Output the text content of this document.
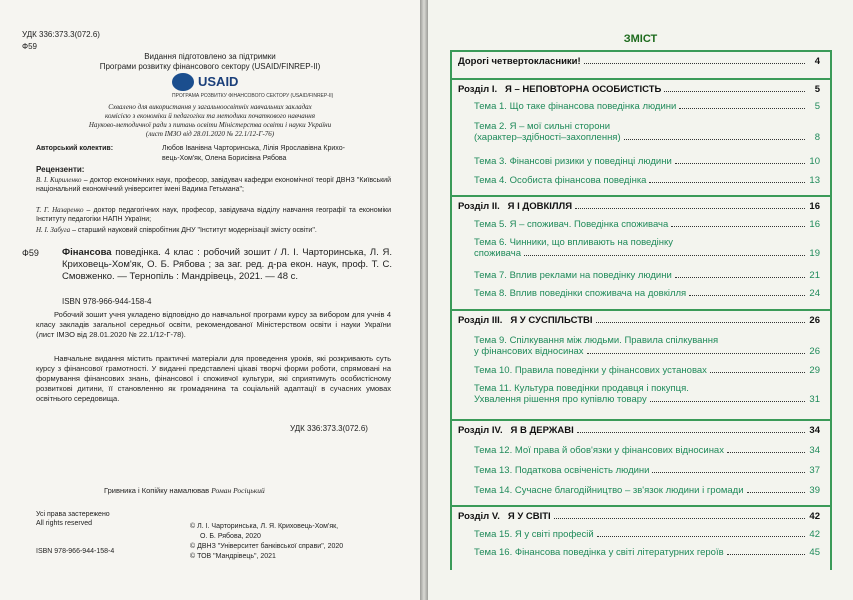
УДК 336:373.3(072.6)
Ф59
Видання підготовлено за підтримки
Програми розвитку фінансового сектору (USAID/FINREP-II)
USAID
ПРОГРАМА РОЗВИТКУ ФІНАНСОВОГО СЕКТОРУ (USAID/FINREP-II)
Схвалено для використання у загальноосвітніх навчальних закладах
комісією з економіки й педагогіки та методики початкового навчання
Науково-методичної ради з питань освіти Міністерства освіти і науки України
(лист ІМЗО від 28.01.2020 № 22.1/12-Г-76)
Авторський колектив:	Любов Іванівна Чарторинська, Лілія Ярославівна Крихо-
вець-Хом'як, Олена Борисівна Рябова
Рецензенти:
В. І. Кириленко – доктор економічних наук, професор, завідувач кафедри економічної теорії ДВНЗ "Київський національний економічний університет імені Вадима Гетьмана";
Т. Г. Назаренко – доктор педагогічних наук, професор, завідувача відділу навчання географії та економіки Інституту педагогіки НАПН України;
Н. І. Забуга – старший науковий співробітник ДНУ "Інститут модернізації змісту освіти".
Ф59 Фінансова поведінка. 4 клас : робочий зошит / Л. І. Чарторинська, Л. Я. Криховець-Хом'як, О. Б. Рябова ; за заг. ред. д-ра екон. наук, проф. Т. С. Смовженко. — Тернопіль : Мандрівець, 2021. — 48 с.
ISBN 978-966-944-158-4
Робочий зошит учня укладено відповідно до навчальної програми курсу за вибором для учнів 4 класу закладів загальної середньої освіти, рекомендованої Міністерством освіти і науки України (лист ІМЗО від 28.01.2020 № 22.1/12-Г-78).
Навчальне видання містить практичні матеріали для проведення уроків, які розкривають суть курсу з фінансової грамотності. У виданні представлені цікаві творчі форми роботи, спрямовані на формування фінансових знань, фінансової і споживчої культури, які сприятимуть особистісному розвиткові дитини, її становленню як громадянина та соціальній адаптації в сучасних умовах освітнього середовища.
УДК 336:373.3(072.6)
Гривника і Копійку намалював Роман Росіцький
Усі права застережено
All rights reserved
ISBN 978-966-944-158-4
© Л. І. Чарторинська, Л. Я. Криховець-Хом'як,
О. Б. Рябова, 2020
© ДВНЗ "Університет банківської справи", 2020
© ТОВ "Мандрівець", 2021
ЗМІСТ
Дорогі четвертокласники!	4
Розділ І.   Я – НЕПОВТОРНА ОСОБИСТІСТЬ	5
Тема 1. Що таке фінансова поведінка людини	5
Тема 2. Я – мої сильні сторони
(характер–здібності–захоплення)	8
Тема 3. Фінансові ризики у поведінці людини	10
Тема 4. Особиста фінансова поведінка	13
Розділ ІІ.   Я І ДОВКІЛЛЯ	16
Тема 5. Я – споживач. Поведінка споживача	16
Тема 6. Чинники, що впливають на поведінку
споживача	19
Тема 7. Вплив реклами на поведінку людини	21
Тема 8. Вплив поведінки споживача на довкілля	24
Розділ ІІІ.   Я У СУСПІЛЬСТВІ	26
Тема 9. Спілкування між людьми. Правила спілкування
у фінансових відносинах	26
Тема 10. Правила поведінки у фінансових установах	29
Тема 11. Культура поведінки продавця і покупця.
Ухвалення рішення про купівлю товару	31
Розділ IV.   Я В ДЕРЖАВІ	34
Тема 12. Мої права й обов'язки у фінансових відносинах	34
Тема 13. Податкова освіченість людини	37
Тема 14. Сучасне благодійництво – зв'язок людини і громади	39
Розділ V.   Я У СВІТІ	42
Тема 15. Я у світі професій	42
Тема 16. Фінансова поведінка у світі літературних героїв	45
